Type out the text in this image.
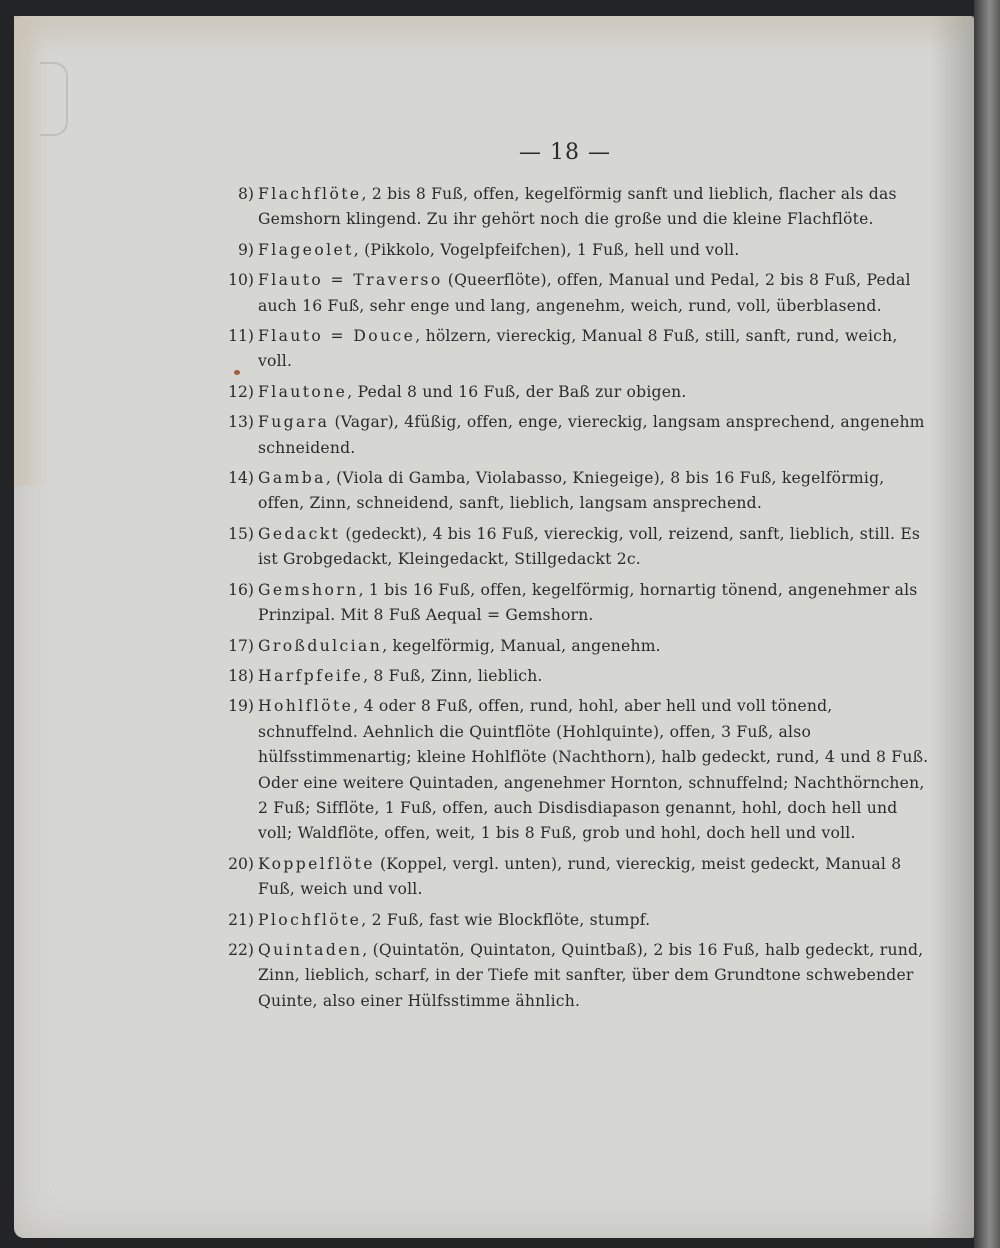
— 18 —
8) Flachflöte, 2 bis 8 Fuß, offen, kegelförmig sanft und lieblich, flacher als das Gemshorn klingend. Zu ihr gehört noch die große und die kleine Flachflöte.
9) Flageolet, (Pikkolo, Vogelpfeifchen), 1 Fuß, hell und voll.
10) Flauto = Traverso (Queerflöte), offen, Manual und Pedal, 2 bis 8 Fuß, Pedal auch 16 Fuß, sehr enge und lang, angenehm, weich, rund, voll, überblasend.
11) Flauto = Douce, hölzern, viereckig, Manual 8 Fuß, still, sanft, rund, weich, voll.
12) Flautone, Pedal 8 und 16 Fuß, der Baß zur obigen.
13) Fugara (Vagar), 4füßig, offen, enge, viereckig, langsam ansprechend, angenehm schneidend.
14) Gamba, (Viola di Gamba, Violabasso, Kniegeige), 8 bis 16 Fuß, kegelförmig, offen, Zinn, schneidend, sanft, lieblich, langsam ansprechend.
15) Gedackt (gedeckt), 4 bis 16 Fuß, viereckig, voll, reizend, sanft, lieblich, still. Es ist Grobgedackt, Kleingedackt, Stillgedackt 2c.
16) Gemshorn, 1 bis 16 Fuß, offen, kegelförmig, hornartig tönend, angenehmer als Prinzipal. Mit 8 Fuß Aequal = Gemshorn.
17) Großdulcian, kegelförmig, Manual, angenehm.
18) Harfpfeife, 8 Fuß, Zinn, lieblich.
19) Hohlflöte, 4 oder 8 Fuß, offen, rund, hohl, aber hell und voll tönend, schnuffelnd. Aehnlich die Quintflöte (Hohlquinte), offen, 3 Fuß, also hülfsstimmenartig; kleine Hohlflöte (Nachthorn), halb gedeckt, rund, 4 und 8 Fuß. Oder eine weitere Quintaden, angenehmer Hornton, schnuffelnd; Nachthörnchen, 2 Fuß; Sifflöte, 1 Fuß, offen, auch Disdisdiapason genannt, hohl, doch hell und voll; Waldflöte, offen, weit, 1 bis 8 Fuß, grob und hohl, doch hell und voll.
20) Koppelflöte (Koppel, vergl. unten), rund, viereckig, meist gedeckt, Manual 8 Fuß, weich und voll.
21) Plochflöte, 2 Fuß, fast wie Blockflöte, stumpf.
22) Quintaden, (Quintatön, Quintaton, Quintbaß), 2 bis 16 Fuß, halb gedeckt, rund, Zinn, lieblich, scharf, in der Tiefe mit sanfter, über dem Grundtone schwebender Quinte, also einer Hülfsstimme ähnlich.
